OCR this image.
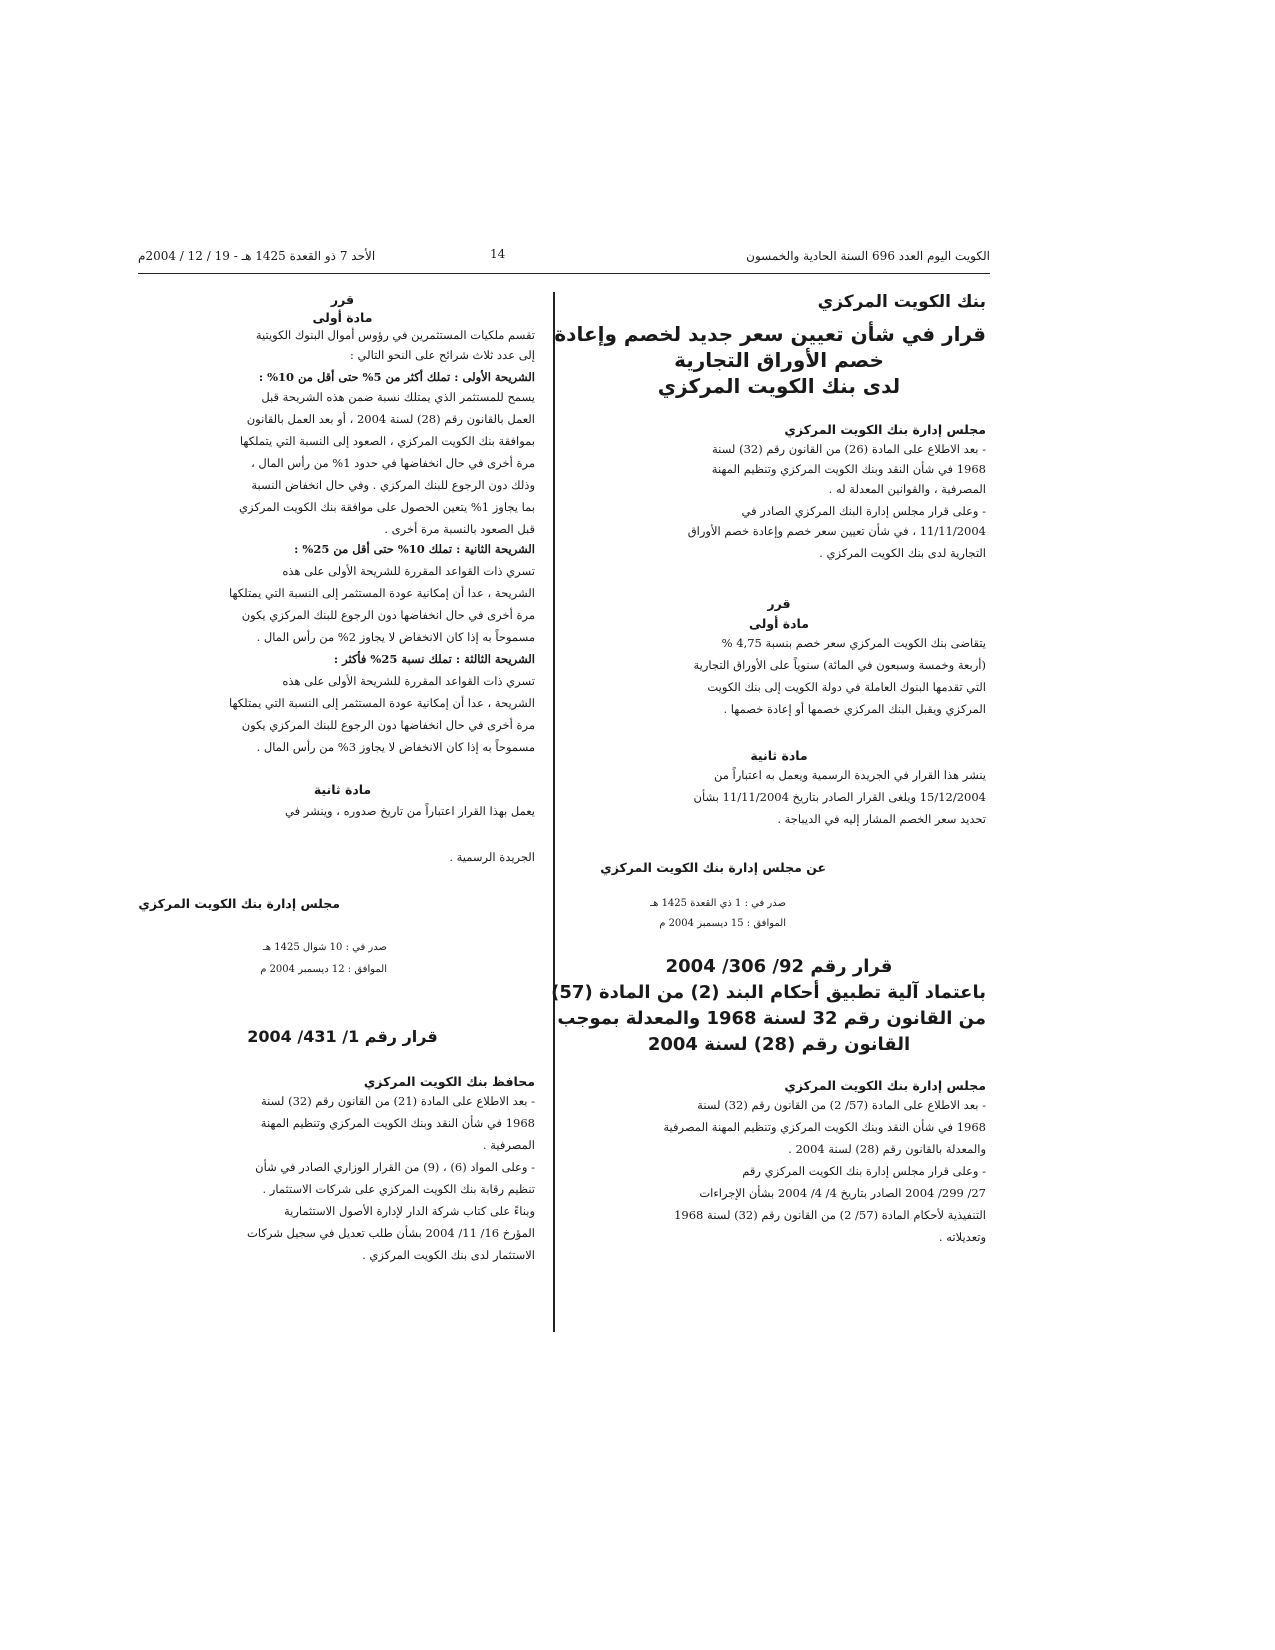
الكويت اليوم العدد 696 السنة الحادية والخمسون
14
الأحد 7 ذو القعدة 1425 هـ - 19 / 12 / 2004م
بنك الكويت المركزي
قرار في شأن تعيين سعر جديد لخصم وإعادة
خصم الأوراق التجارية
لدى بنك الكويت المركزي
مجلس إدارة بنك الكويت المركزي
- بعد الاطلاع على المادة (26) من القانون رقم (32) لسنة
1968 في شأن النقد وبنك الكويت المركزي وتنظيم المهنة
المصرفية ، والقوانين المعدلة له .
- وعلى قرار مجلس إدارة البنك المركزي الصادر في
11/11/2004 ، في شأن تعيين سعر خصم وإعادة خصم الأوراق
التجارية لدى بنك الكويت المركزي .
قرر
مادة أولى
يتقاضى بنك الكويت المركزي سعر خصم بنسبة 4,75 %
(أربعة وخمسة وسبعون في المائة) سنوياً على الأوراق التجارية
التي تقدمها البنوك العاملة في دولة الكويت إلى بنك الكويت
المركزي ويقبل البنك المركزي خصمها أو إعادة خصمها .
مادة ثانية
ينشر هذا القرار في الجريدة الرسمية ويعمل به اعتباراً من
15/12/2004 ويلغى القرار الصادر بتاريخ 11/11/2004 بشأن
تحديد سعر الخصم المشار إليه في الديباجة .
عن مجلس إدارة بنك الكويت المركزي
صدر في : 1 ذي القعدة 1425 هـ
الموافق : 15 ديسمبر 2004 م
قرار رقم 92/ 306/ 2004
باعتماد آلية تطبيق أحكام البند (2) من المادة (57)
من القانون رقم 32 لسنة 1968 والمعدلة بموجب
القانون رقم (28) لسنة 2004
مجلس إدارة بنك الكويت المركزي
- بعد الاطلاع على المادة (57/ 2) من القانون رقم (32) لسنة
1968 في شأن النقد وبنك الكويت المركزي وتنظيم المهنة المصرفية
والمعدلة بالقانون رقم (28) لسنة 2004 .
- وعلى قرار مجلس إدارة بنك الكويت المركزي رقم
27/ 299/ 2004 الصادر بتاريخ 4/ 4/ 2004 بشأن الإجراءات
التنفيذية لأحكام المادة (57/ 2) من القانون رقم (32) لسنة 1968
وتعديلاته .
قرر
مادة أولى
تقسم ملكيات المستثمرين في رؤوس أموال البنوك الكويتية
إلى عدد ثلاث شرائح على النحو التالي :
الشريحة الأولى : تملك أكثر من 5% حتى أقل من 10% :
يسمح للمستثمر الذي يمتلك نسبة ضمن هذه الشريحة قبل
العمل بالقانون رقم (28) لسنة 2004 ، أو بعد العمل بالقانون
بموافقة بنك الكويت المركزي ، الصعود إلى النسبة التي يتملكها
مرة أخرى في حال انخفاضها في حدود 1% من رأس المال ،
وذلك دون الرجوع للبنك المركزي . وفي حال انخفاض النسبة
بما يجاوز 1% يتعين الحصول على موافقة بنك الكويت المركزي
قبل الصعود بالنسبة مرة أخرى .
الشريحة الثانية : تملك 10% حتى أقل من 25% :
تسري ذات القواعد المقررة للشريحة الأولى على هذه
الشريحة ، عدا أن إمكانية عودة المستثمر إلى النسبة التي يمتلكها
مرة أخرى في حال انخفاضها دون الرجوع للبنك المركزي يكون
مسموحاً به إذا كان الانخفاض لا يجاوز 2% من رأس المال .
الشريحة الثالثة : تملك نسبة 25% فأكثر :
تسري ذات القواعد المقررة للشريحة الأولى على هذه
الشريحة ، عدا أن إمكانية عودة المستثمر إلى النسبة التي يمتلكها
مرة أخرى في حال انخفاضها دون الرجوع للبنك المركزي يكون
مسموحاً به إذا كان الانخفاض لا يجاوز 3% من رأس المال .
مادة ثانية
يعمل بهذا القرار اعتباراً من تاريخ صدوره ، وينشر في
الجريدة الرسمية .
مجلس إدارة بنك الكويت المركزي
صدر في : 10 شوال 1425 هـ
الموافق : 12 ديسمبر 2004 م
قرار رقم 1/ 431/ 2004
محافظ بنك الكويت المركزي
- بعد الاطلاع على المادة (21) من القانون رقم (32) لسنة
1968 في شأن النقد وبنك الكويت المركزي وتنظيم المهنة
المصرفية .
- وعلى المواد (6) ، (9) من القرار الوزاري الصادر في شأن
تنظيم رقابة بنك الكويت المركزي على شركات الاستثمار .
وبناءً على كتاب شركة الدار لإدارة الأصول الاستثمارية
المؤرخ 16/ 11/ 2004 بشأن طلب تعديل في سجيل شركات
الاستثمار لدى بنك الكويت المركزي .
